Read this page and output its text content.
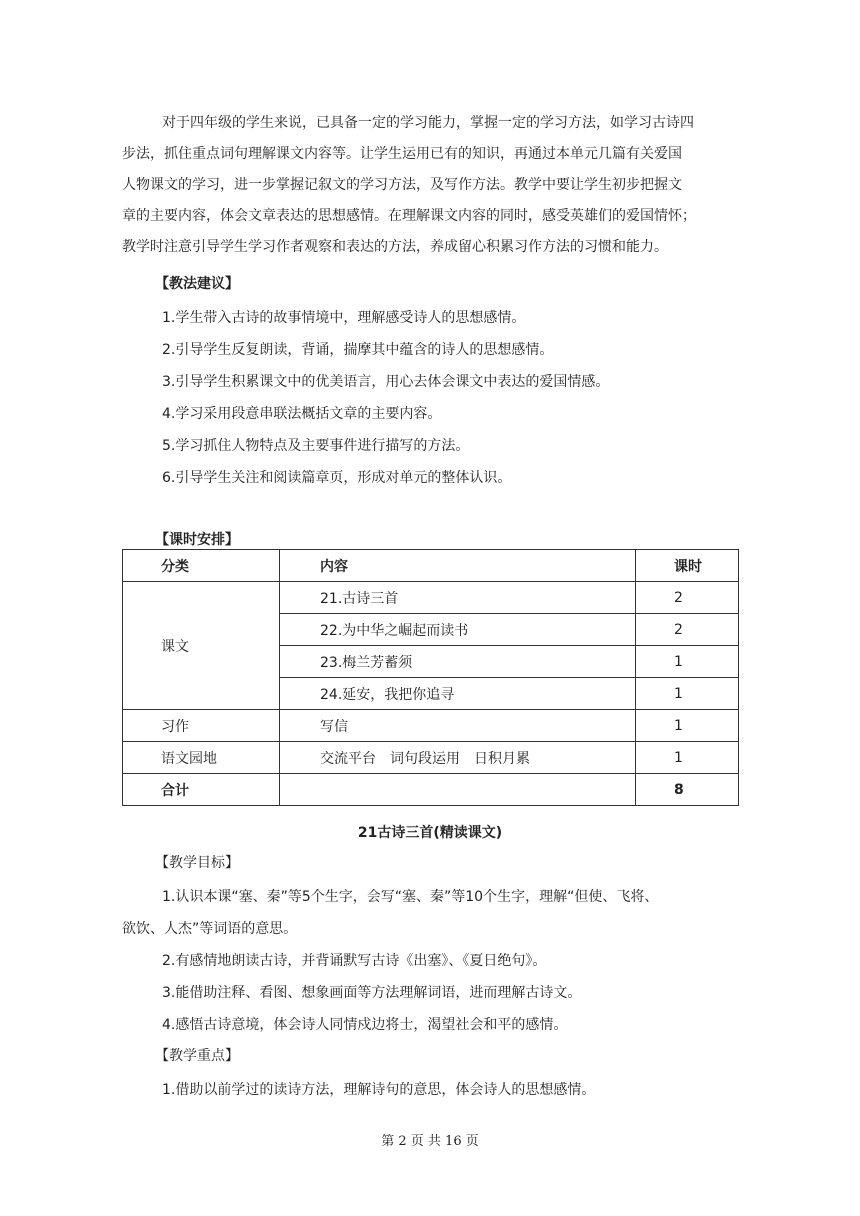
对于四年级的学生来说，已具备一定的学习能力，掌握一定的学习方法，如学习古诗四
步法，抓住重点词句理解课文内容等。让学生运用已有的知识，再通过本单元几篇有关爱国
人物课文的学习，进一步掌握记叙文的学习方法，及写作方法。教学中要让学生初步把握文
章的主要内容，体会文章表达的思想感情。在理解课文内容的同时，感受英雄们的爱国情怀；
教学时注意引导学生学习作者观察和表达的方法，养成留心积累习作方法的习惯和能力。
【教法建议】
1.学生带入古诗的故事情境中，理解感受诗人的思想感情。
2.引导学生反复朗读，背诵，揣摩其中蕴含的诗人的思想感情。
3.引导学生积累课文中的优美语言，用心去体会课文中表达的爱国情感。
4.学习采用段意串联法概括文章的主要内容。
5.学习抓住人物特点及主要事件进行描写的方法。
6.引导学生关注和阅读篇章页，形成对单元的整体认识。
【课时安排】
分类	内容	课时
课文	21.古诗三首	2
	22.为中华之崛起而读书	2
	23.梅兰芳蓄须	1
	24.延安，我把你追寻	1
习作	写信	1
语文园地	交流平台　词句段运用　日积月累	1
合计		8
21古诗三首(精读课文)
【教学目标】
1.认识本课“塞、秦”等5个生字，会写“塞、秦”等10个生字，理解“但使、飞将、
欲饮、人杰”等词语的意思。
2.有感情地朗读古诗，并背诵默写古诗《出塞》、《夏日绝句》。
3.能借助注释、看图、想象画面等方法理解词语，进而理解古诗文。
4.感悟古诗意境，体会诗人同情戍边将士，渴望社会和平的感情。
【教学重点】
1.借助以前学过的读诗方法，理解诗句的意思，体会诗人的思想感情。
第 2 页 共 16 页
